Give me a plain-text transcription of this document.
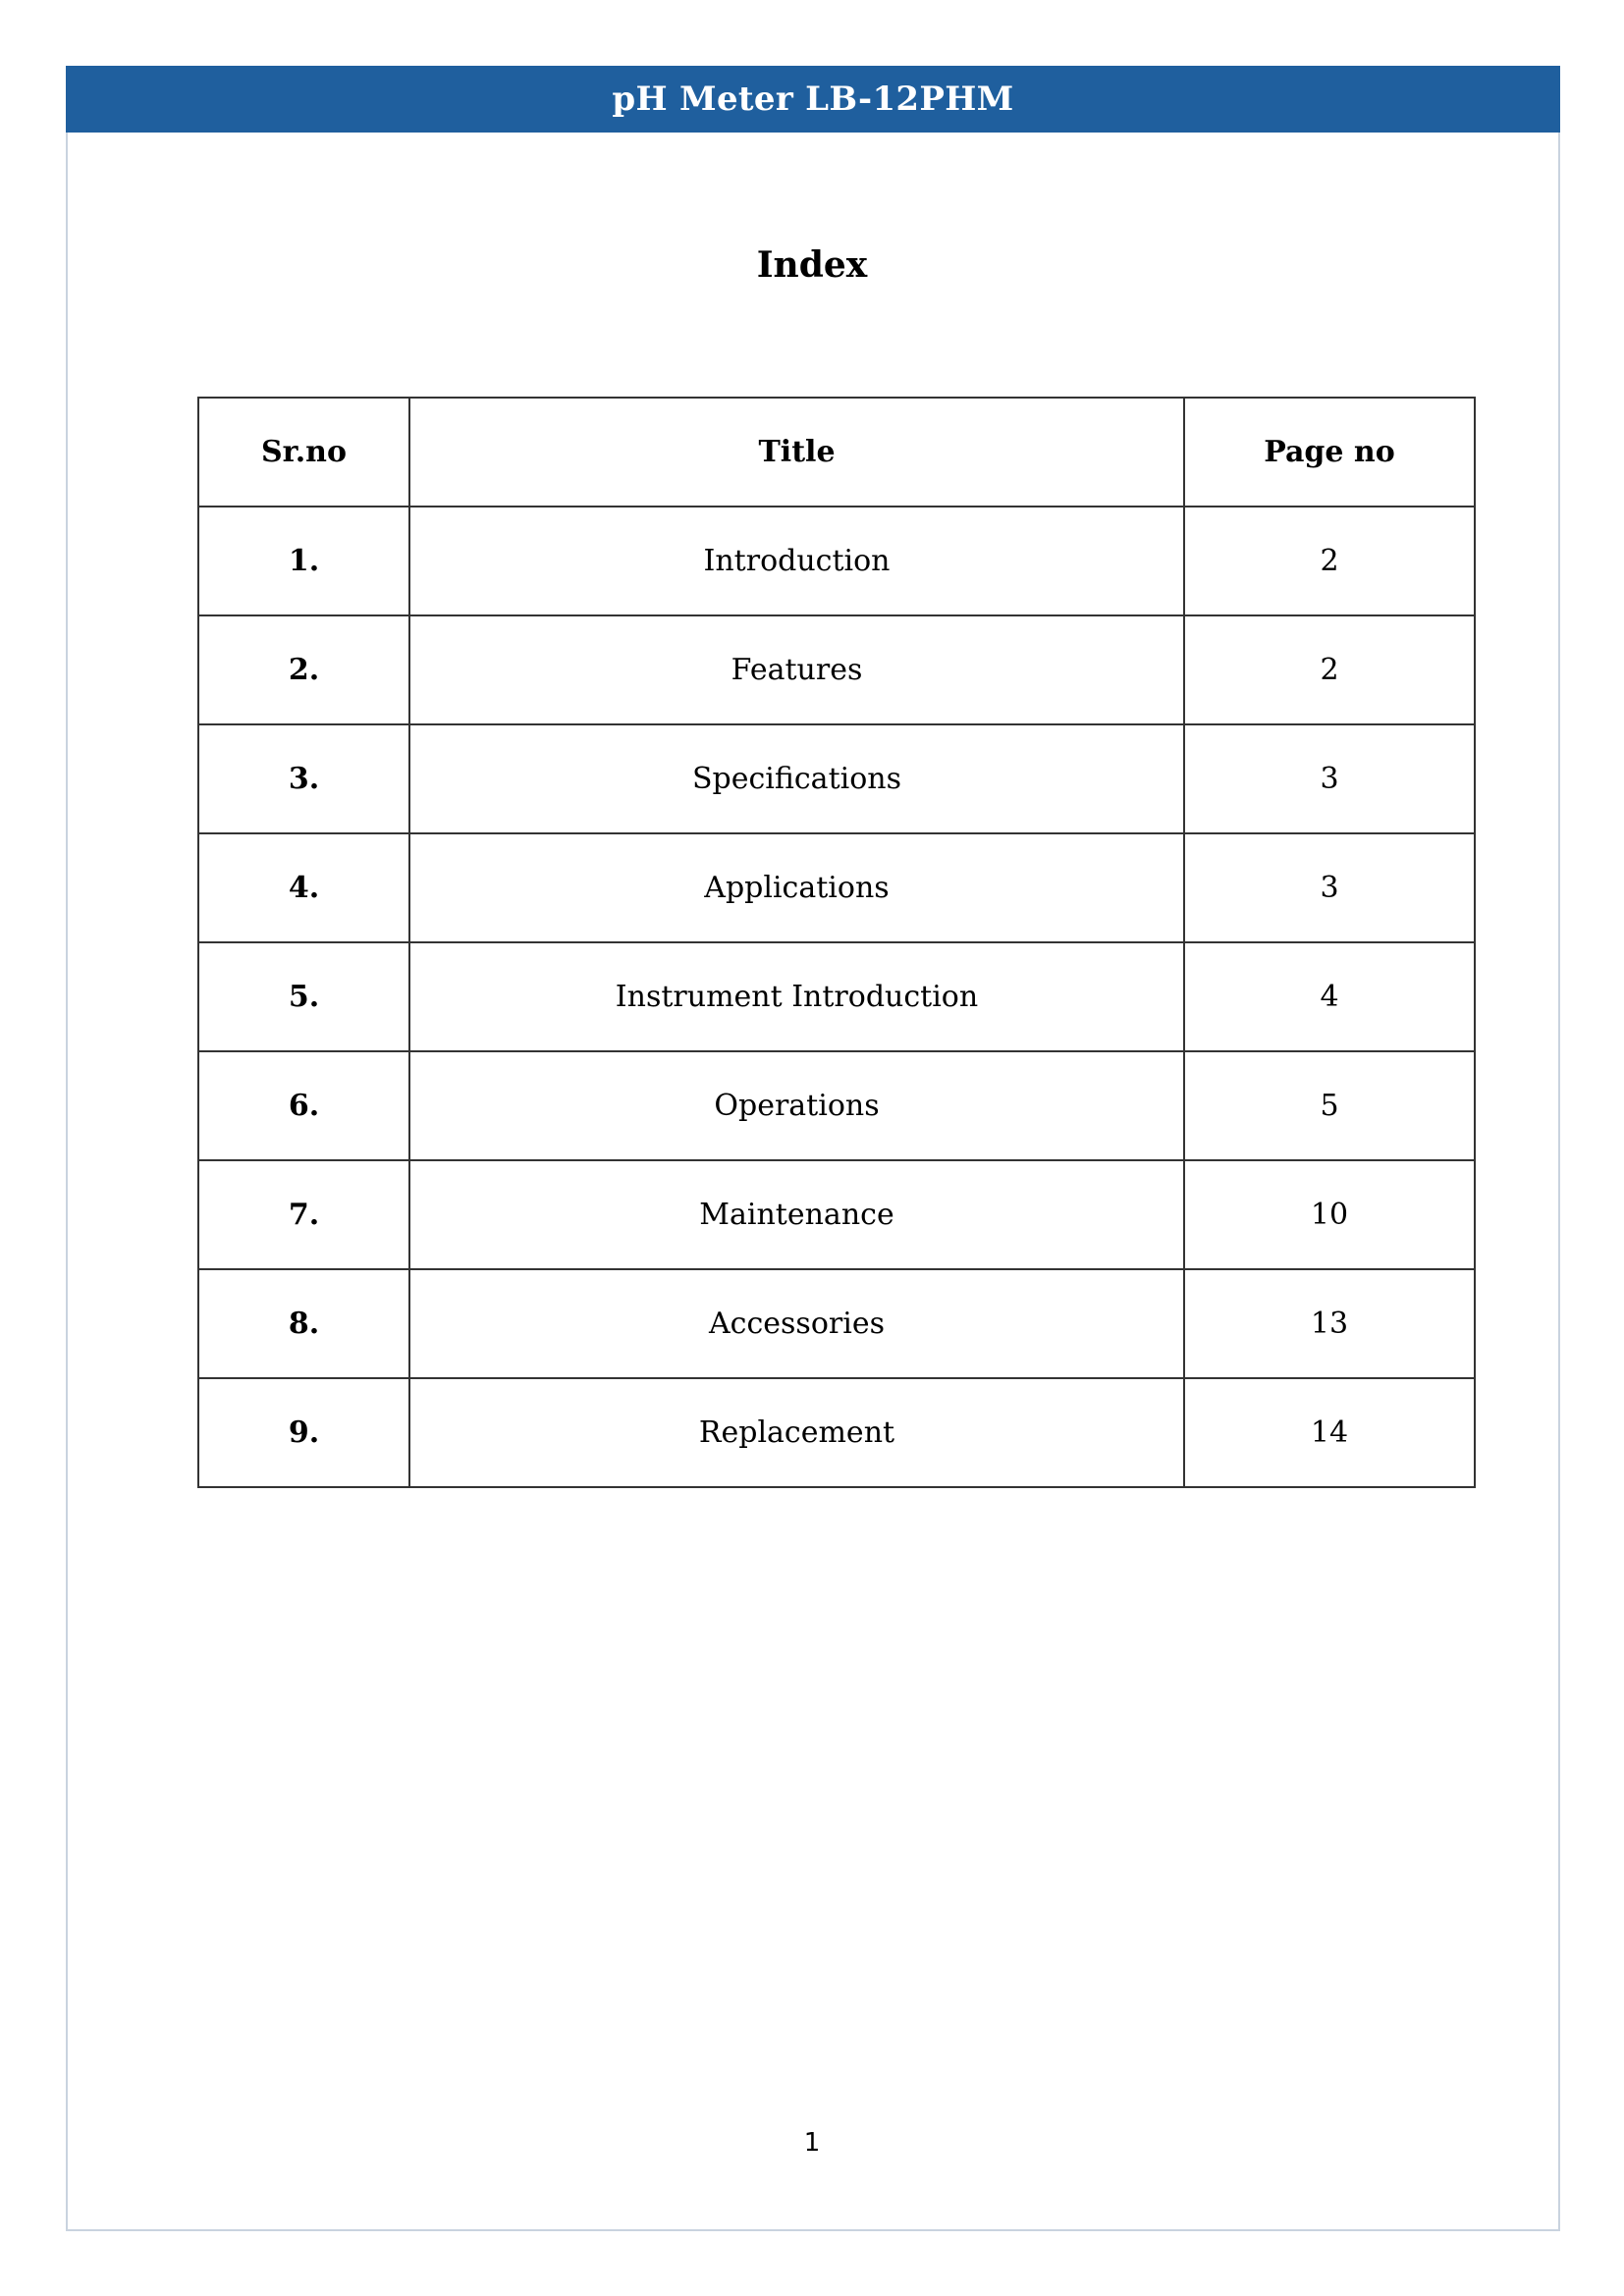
pH Meter LB-12PHM
Index
Sr.no	Title	Page no
1.	Introduction	2
2.	Features	2
3.	Specifications	3
4.	Applications	3
5.	Instrument Introduction	4
6.	Operations	5
7.	Maintenance	10
8.	Accessories	13
9.	Replacement	14
1
